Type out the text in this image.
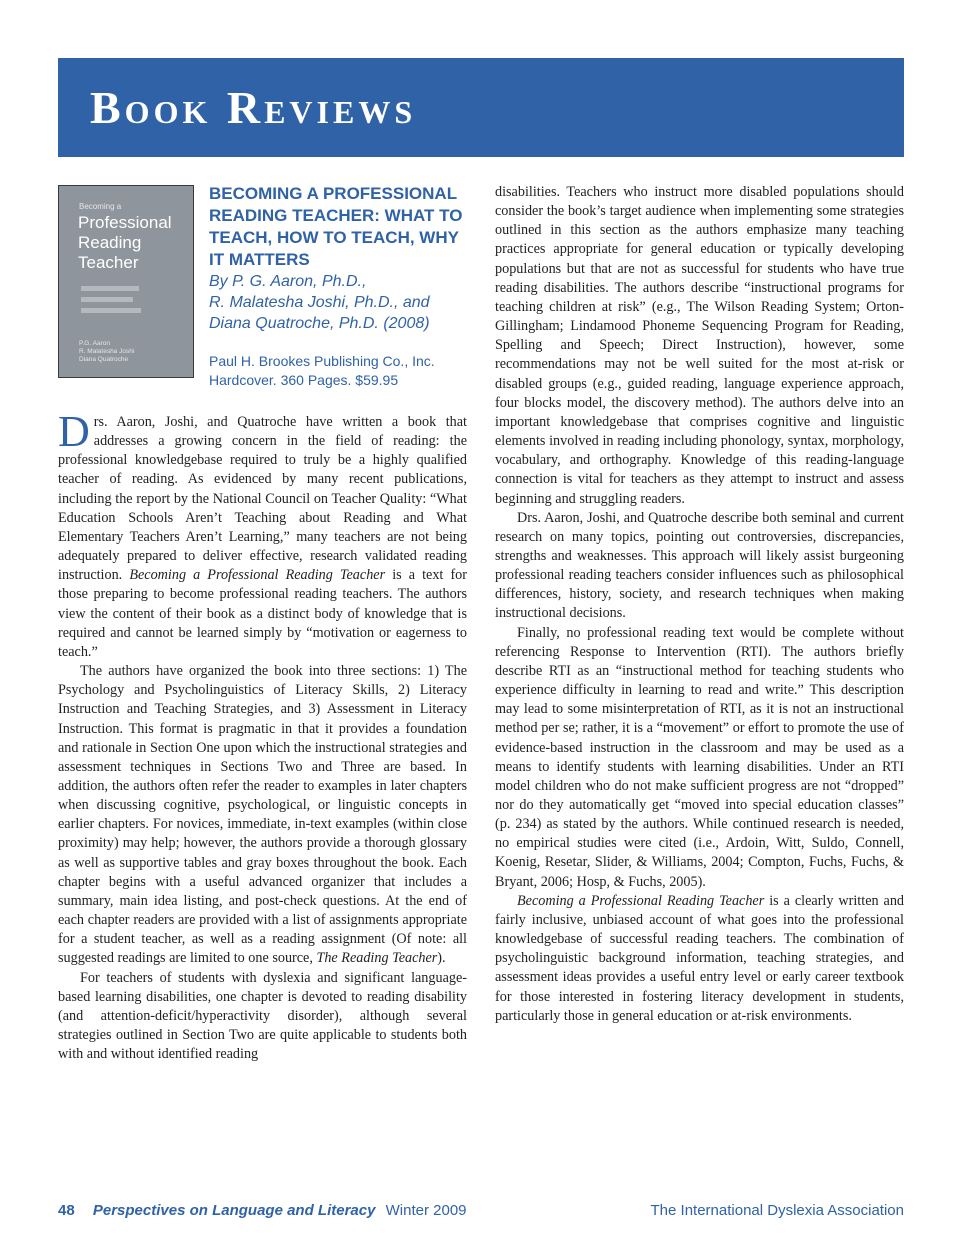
Book Reviews
Becoming a
Professional Reading Teacher
P.G. Aaron
R. Malatesha Joshi
Diana Quatroche

BECOMING A PROFESSIONAL READING TEACHER: WHAT TO TEACH, HOW TO TEACH, WHY IT MATTERS

By P. G. Aaron, Ph.D.,
R. Malatesha Joshi, Ph.D., and
Diana Quatroche, Ph.D. (2008)

Paul H. Brookes Publishing Co., Inc.
Hardcover. 360 Pages. $59.95

Drs. Aaron, Joshi, and Quatroche have written a book that addresses a growing concern in the field of reading: the professional knowledgebase required to truly be a highly qualified teacher of reading. As evidenced by many recent publications, including the report by the National Council on Teacher Quality: “What Education Schools Aren’t Teaching about Reading and What Elementary Teachers Aren’t Learning,” many teachers are not being adequately prepared to deliver effective, research validated reading instruction. Becoming a Professional Reading Teacher is a text for those preparing to become professional reading teachers. The authors view the content of their book as a distinct body of knowledge that is required and cannot be learned simply by “motivation or eagerness to teach.”

The authors have organized the book into three sections: 1) The Psychology and Psycholinguistics of Literacy Skills, 2) Literacy Instruction and Teaching Strategies, and 3) Assessment in Literacy Instruction. This format is pragmatic in that it provides a foundation and rationale in Section One upon which the instructional strategies and assessment techniques in Sections Two and Three are based. In addition, the authors often refer the reader to examples in later chapters when discussing cognitive, psychological, or linguistic concepts in earlier chapters. For novices, immediate, in-text examples (within close proximity) may help; however, the authors provide a thorough glossary as well as supportive tables and gray boxes throughout the book. Each chapter begins with a useful advanced organizer that includes a summary, main idea listing, and post-check questions. At the end of each chapter readers are provided with a list of assignments appropriate for a student teacher, as well as a reading assignment (Of note: all suggested readings are limited to one source, The Reading Teacher).

For teachers of students with dyslexia and significant language-based learning disabilities, one chapter is devoted to reading disability (and attention-deficit/hyperactivity disorder), although several strategies outlined in Section Two are quite applicable to students both with and without identified reading

disabilities. Teachers who instruct more disabled populations should consider the book’s target audience when implementing some strategies outlined in this section as the authors emphasize many teaching practices appropriate for general education or typically developing populations but that are not as successful for students who have true reading disabilities. The authors describe “instructional programs for teaching children at risk” (e.g., The Wilson Reading System; Orton-Gillingham; Lindamood Phoneme Sequencing Program for Reading, Spelling and Speech; Direct Instruction), however, some recommendations may not be well suited for the most at-risk or disabled groups (e.g., guided reading, language experience approach, four blocks model, the discovery method). The authors delve into an important knowledgebase that comprises cognitive and linguistic elements involved in reading including phonology, syntax, morphology, vocabulary, and orthography. Knowledge of this reading-language connection is vital for teachers as they attempt to instruct and assess beginning and struggling readers.

Drs. Aaron, Joshi, and Quatroche describe both seminal and current research on many topics, pointing out controversies, discrepancies, strengths and weaknesses. This approach will likely assist burgeoning professional reading teachers consider influences such as philosophical differences, history, society, and research techniques when making instructional decisions.

Finally, no professional reading text would be complete without referencing Response to Intervention (RTI). The authors briefly describe RTI as an “instructional method for teaching students who experience difficulty in learning to read and write.” This description may lead to some misinterpretation of RTI, as it is not an instructional method per se; rather, it is a “movement” or effort to promote the use of evidence-based instruction in the classroom and may be used as a means to identify students with learning disabilities. Under an RTI model children who do not make sufficient progress are not “dropped” nor do they automatically get “moved into special education classes” (p. 234) as stated by the authors. While continued research is needed, no empirical studies were cited (i.e., Ardoin, Witt, Suldo, Connell, Koenig, Resetar, Slider, & Williams, 2004; Compton, Fuchs, Fuchs, & Bryant, 2006; Hosp, & Fuchs, 2005).

Becoming a Professional Reading Teacher is a clearly written and fairly inclusive, unbiased account of what goes into the professional knowledgebase of successful reading teachers. The combination of psycholinguistic background information, teaching strategies, and assessment ideas provides a useful entry level or early career textbook for those interested in fostering literacy development in students, particularly those in general education or at-risk environments.

48 Perspectives on Language and Literacy Winter 2009	The International Dyslexia Association
